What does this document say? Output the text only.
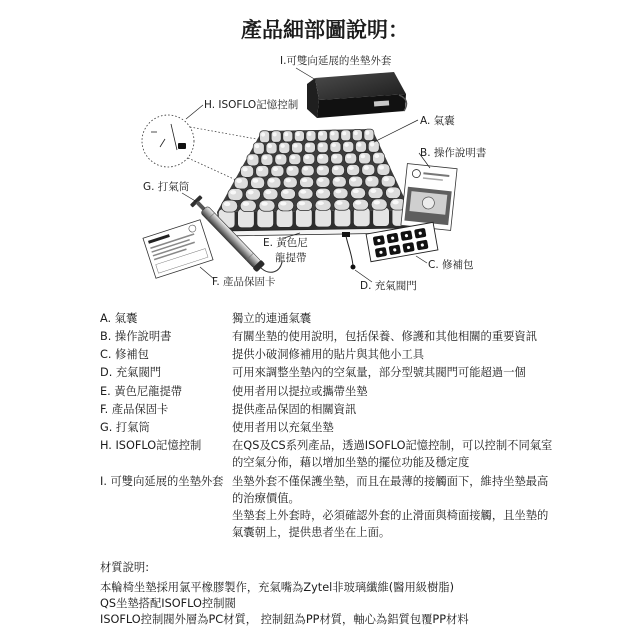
產品細部圖說明：
I.可雙向延展的坐墊外套
H. ISOFLO記憶控制
A. 氣囊
B. 操作說明書
G. 打氣筒
E. 黃色尼
龍提帶
C. 修補包
F. 產品保固卡	D. 充氣閥門
A. 氣囊	獨立的連通氣囊
B. 操作說明書	有關坐墊的使用說明，包括保養、修護和其他相關的重要資訊
C. 修補包	提供小破洞修補用的貼片與其他小工具
D. 充氣閥門	可用來調整坐墊內的空氣量，部分型號其閥門可能超過一個
E. 黃色尼龍提帶	使用者用以提拉或攜帶坐墊
F. 產品保固卡	提供產品保固的相關資訊
G. 打氣筒	使用者用以充氣坐墊
H. ISOFLO記憶控制	在QS及CS系列產品，透過ISOFLO記憶控制，可以控制不同氣室
的空氣分佈，藉以增加坐墊的擺位功能及穩定度
I. 可雙向延展的坐墊外套 坐墊外套不僅保護坐墊，而且在最薄的接觸面下，維持坐墊最高
的治療價值。
坐墊套上外套時，必須確認外套的止滑面與椅面接觸，且坐墊的
氣囊朝上，提供患者坐在上面。
材質說明:
本輪椅坐墊採用氯平橡膠製作，充氣嘴為Zytel非玻璃纖維(醫用級樹脂)
QS坐墊搭配ISOFLO控制閥
ISOFLO控制閥外層為PC材質， 控制鈕為PP材質，軸心為鋁質包覆PP材料
